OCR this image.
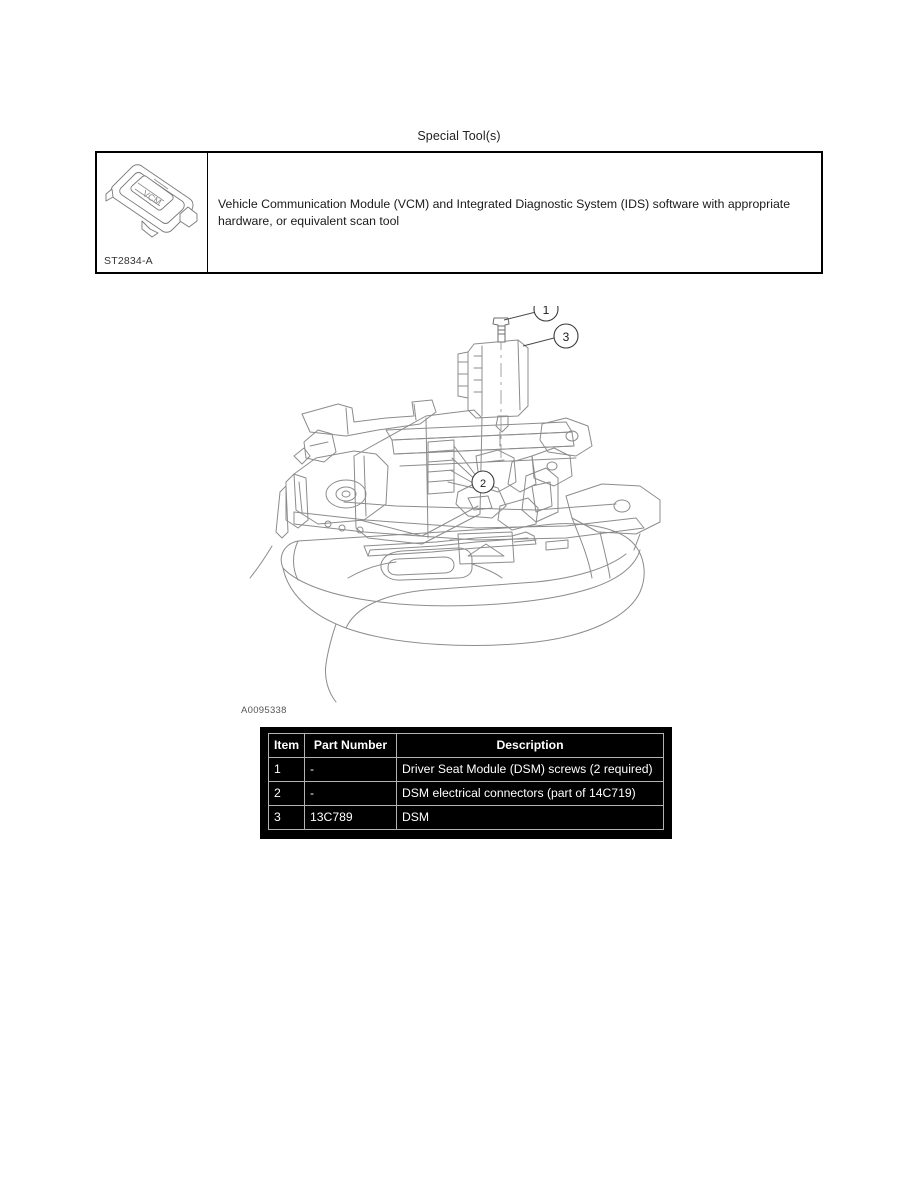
Special Tool(s)
VCM
ST2834-A
Vehicle Communication Module (VCM) and Integrated Diagnostic System (IDS) software with appropriate hardware, or equivalent scan tool
1
3
2
A0095338
Item	Part Number	Description
1	-	Driver Seat Module (DSM) screws (2 required)
2	-	DSM electrical connectors (part of 14C719)
3	13C789	DSM
